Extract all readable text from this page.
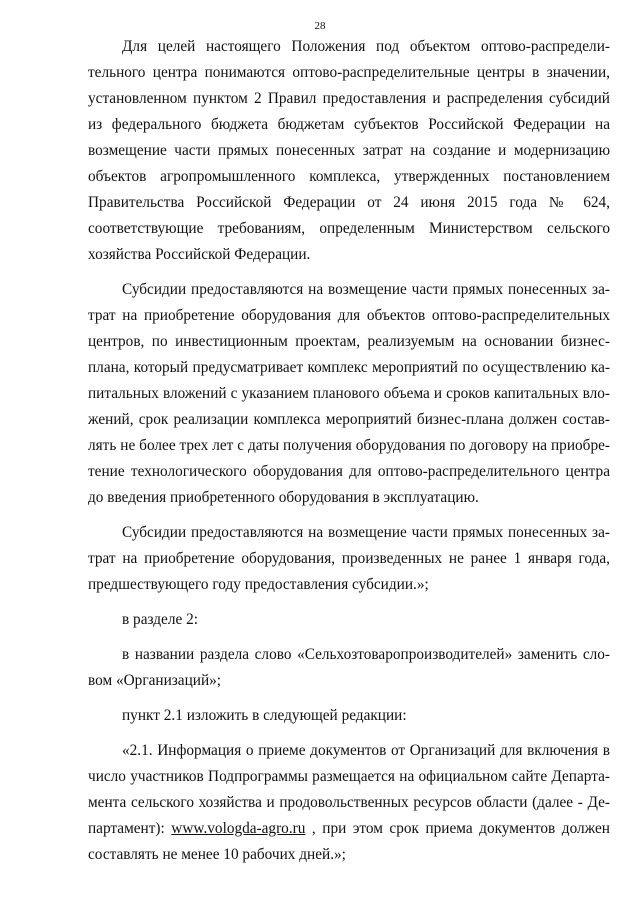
28

Для целей настоящего Положения под объектом оптово-распределительного центра понимаются оптово-распределительные центры в значении, установленном пунктом 2 Правил предоставления и распределения субсидий из федерального бюджета бюджетам субъектов Российской Федерации на возмещение части прямых понесенных затрат на создание и модернизацию объектов агропромышленного комплекса, утвержденных постановлением Правительства Российской Федерации от 24 июня 2015 года № 624, соответствующие требованиям, определенным Министерством сельского хозяйства Российской Федерации.

Субсидии предоставляются на возмещение части прямых понесенных затрат на приобретение оборудования для объектов оптово-распределительных центров, по инвестиционным проектам, реализуемым на основании бизнес-плана, который предусматривает комплекс мероприятий по осуществлению капитальных вложений с указанием планового объема и сроков капитальных вложений, срок реализации комплекса мероприятий бизнес-плана должен составлять не более трех лет с даты получения оборудования по договору на приобретение технологического оборудования для оптово-распределительного центра до введения приобретенного оборудования в эксплуатацию.

Субсидии предоставляются на возмещение части прямых понесенных затрат на приобретение оборудования, произведенных не ранее 1 января года, предшествующего году предоставления субсидии.»;

в разделе 2:

в названии раздела слово «Сельхозтоваропроизводителей» заменить словом «Организаций»;

пункт 2.1 изложить в следующей редакции:

«2.1. Информация о приеме документов от Организаций для включения в число участников Подпрограммы размещается на официальном сайте Департамента сельского хозяйства и продовольственных ресурсов области (далее - Департамент): www.vologda-agro.ru , при этом срок приема документов должен составлять не менее 10 рабочих дней.»;
